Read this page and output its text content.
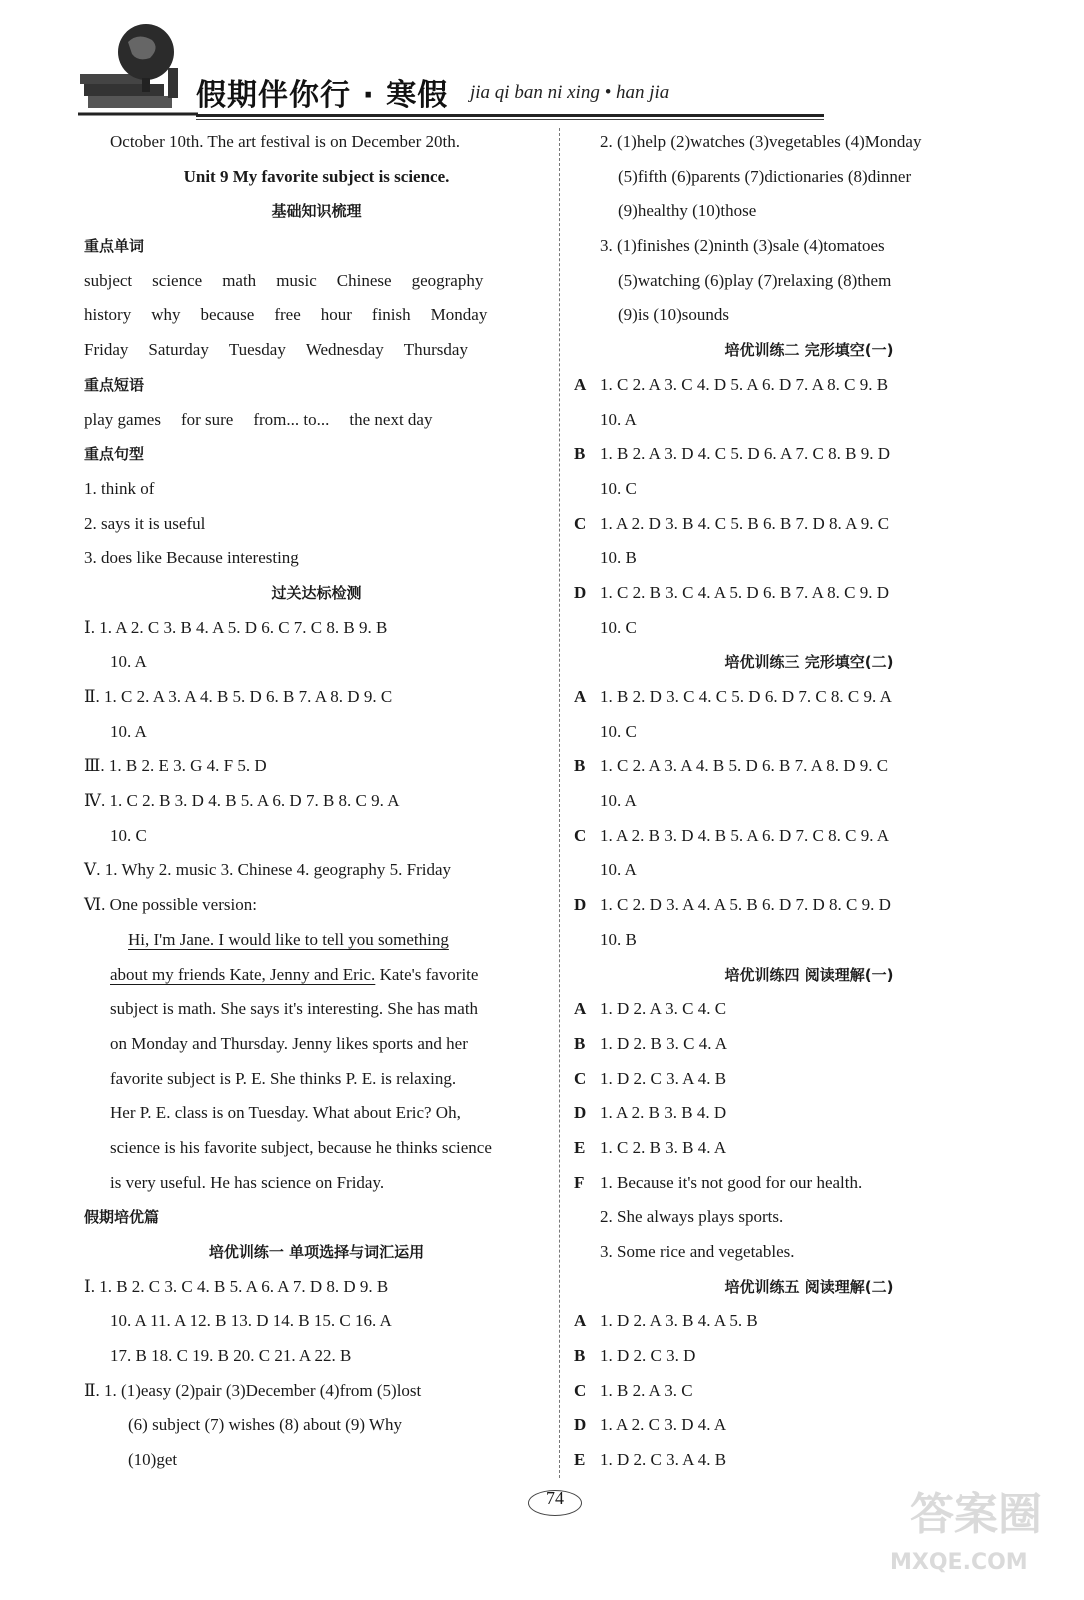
假期伴你行 · 寒假 jia qi ban ni xing • han jia
October 10th. The art festival is on December 20th.
Unit 9 My favorite subject is science.
基础知识梳理
重点单词
subject science math music Chinese geography
history why because free hour finish Monday
Friday Saturday Tuesday Wednesday Thursday
重点短语
play games for sure from... to... the next day
重点句型
1. think of
2. says it is useful
3. does like Because interesting
过关达标检测
Ⅰ. 1. A 2. C 3. B 4. A 5. D 6. C 7. C 8. B 9. B
10. A
Ⅱ. 1. C 2. A 3. A 4. B 5. D 6. B 7. A 8. D 9. C
10. A
Ⅲ. 1. B 2. E 3. G 4. F 5. D
Ⅳ. 1. C 2. B 3. D 4. B 5. A 6. D 7. B 8. C 9. A
10. C
Ⅴ. 1. Why 2. music 3. Chinese 4. geography 5. Friday
Ⅵ. One possible version:
Hi, I'm Jane. I would like to tell you something
about my friends Kate, Jenny and Eric. Kate's favorite
subject is math. She says it's interesting. She has math
on Monday and Thursday. Jenny likes sports and her
favorite subject is P. E. She thinks P. E. is relaxing.
Her P. E. class is on Tuesday. What about Eric? Oh,
science is his favorite subject, because he thinks science
is very useful. He has science on Friday.
假期培优篇
培优训练一 单项选择与词汇运用
Ⅰ. 1. B 2. C 3. C 4. B 5. A 6. A 7. D 8. D 9. B
10. A 11. A 12. B 13. D 14. B 15. C 16. A
17. B 18. C 19. B 20. C 21. A 22. B
Ⅱ. 1. (1)easy (2)pair (3)December (4)from (5)lost
(6) subject (7) wishes (8) about (9) Why
(10)get
2. (1)help (2)watches (3)vegetables (4)Monday
(5)fifth (6)parents (7)dictionaries (8)dinner
(9)healthy (10)those
3. (1)finishes (2)ninth (3)sale (4)tomatoes
(5)watching (6)play (7)relaxing (8)them
(9)is (10)sounds
培优训练二 完形填空(一)
A 1. C 2. A 3. C 4. D 5. A 6. D 7. A 8. C 9. B
10. A
B 1. B 2. A 3. D 4. C 5. D 6. A 7. C 8. B 9. D
10. C
C 1. A 2. D 3. B 4. C 5. B 6. B 7. D 8. A 9. C
10. B
D 1. C 2. B 3. C 4. A 5. D 6. B 7. A 8. C 9. D
10. C
培优训练三 完形填空(二)
A 1. B 2. D 3. C 4. C 5. D 6. D 7. C 8. C 9. A
10. C
B 1. C 2. A 3. A 4. B 5. D 6. B 7. A 8. D 9. C
10. A
C 1. A 2. B 3. D 4. B 5. A 6. D 7. C 8. C 9. A
10. A
D 1. C 2. D 3. A 4. A 5. B 6. D 7. D 8. C 9. D
10. B
培优训练四 阅读理解(一)
A 1. D 2. A 3. C 4. C
B 1. D 2. B 3. C 4. A
C 1. D 2. C 3. A 4. B
D 1. A 2. B 3. B 4. D
E 1. C 2. B 3. B 4. A
F 1. Because it's not good for our health.
2. She always plays sports.
3. Some rice and vegetables.
培优训练五 阅读理解(二)
A 1. D 2. A 3. B 4. A 5. B
B 1. D 2. C 3. D
C 1. B 2. A 3. C
D 1. A 2. C 3. D 4. A
E 1. D 2. C 3. A 4. B
74	答案圈
MXQE.COM
